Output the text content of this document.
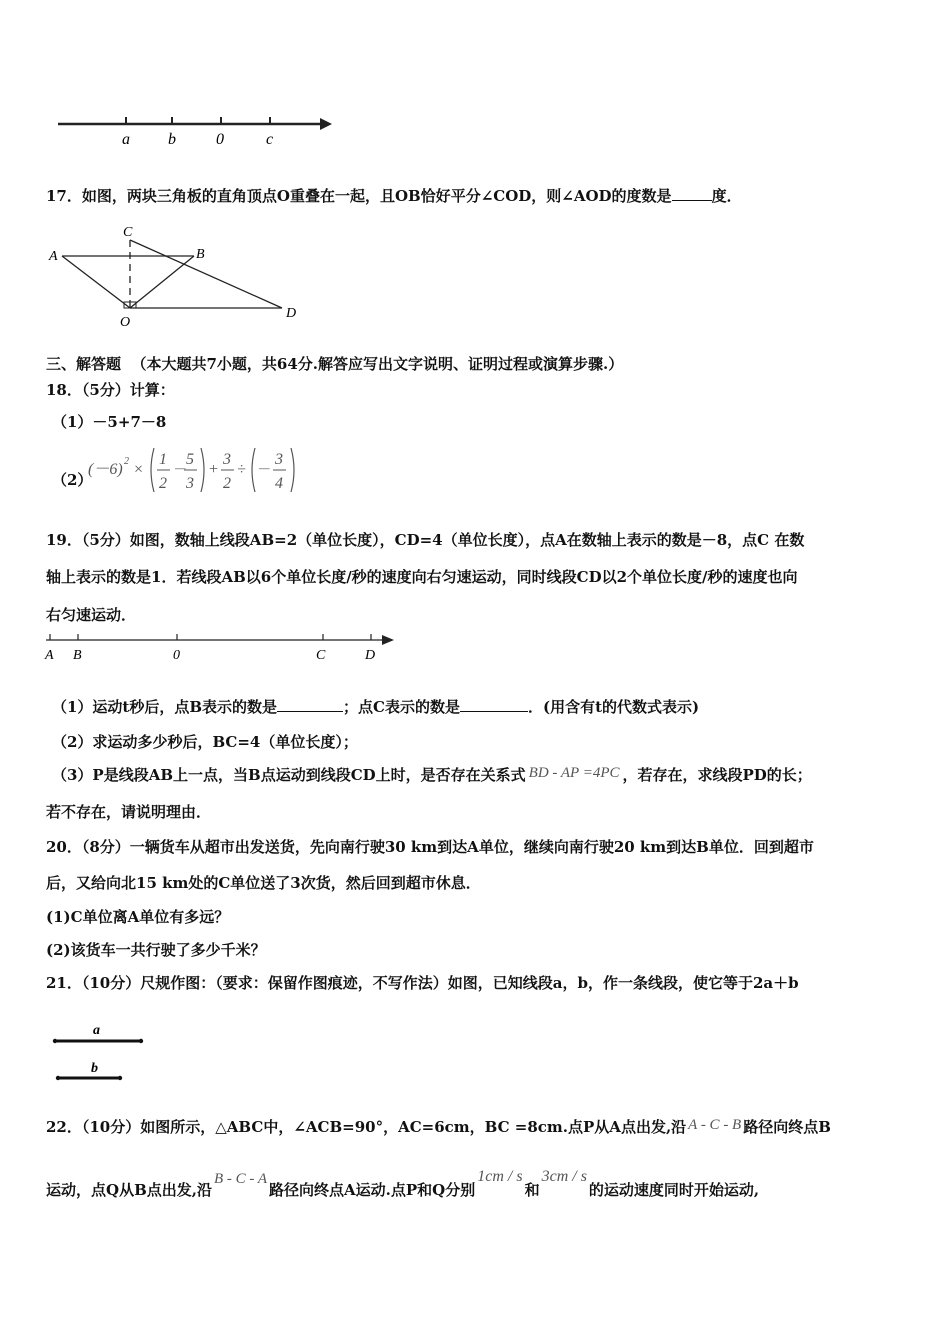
a b	0	c
17．如图，两块三角板的直角顶点O重叠在一起，且OB恰好平分∠COD，则∠AOD的度数是	度．
A	B
C
D
O
三、解答题 （本大题共7小题，共64分.解答应写出文字说明、证明过程或演算步骤.）
18．（5分）计算：
（1）－5+7－8
（2）
(－6) 2 ×
1
2
－
5
3
+
3
2
÷ －
3
4
19．（5分）如图，数轴上线段AB=2（单位长度），CD=4（单位长度），点A在数轴上表示的数是－8，点C 在数
轴上表示的数是1．若线段AB以6个单位长度/秒的速度向右匀速运动，同时线段CD以2个单位长度/秒的速度也向
右匀速运动．
A B	0	C	D
（1）运动t秒后，点B表示的数是	；点C表示的数是	．(用含有t的代数式表示)
（2）求运动多少秒后，BC=4（单位长度）；
（3）P是线段AB上一点，当B点运动到线段CD上时，是否存在关系式 BD - AP =4PC ，若存在，求线段PD的长；
若不存在，请说明理由．
20．（8分）一辆货车从超市出发送货，先向南行驶30 km到达A单位，继续向南行驶20 km到达B单位．回到超市
后，又给向北15 km处的C单位送了3次货，然后回到超市休息．
(1)C单位离A单位有多远？
(2)该货车一共行驶了多少千米？
21．（10分）尺规作图：（要求：保留作图痕迹，不写作法）如图，已知线段a，b，作一条线段，使它等于2a＋b
a
b
22．（10分）如图所示，△ABC中，∠ACB=90°，AC=6cm，BC =8cm.点P从A点出发,沿 A - C - B 路径向终点B
运动，点Q从B点出发,沿B - C - A路径向终点A运动.点P和Q分别1cm / s和3cm / s的运动速度同时开始运动,
